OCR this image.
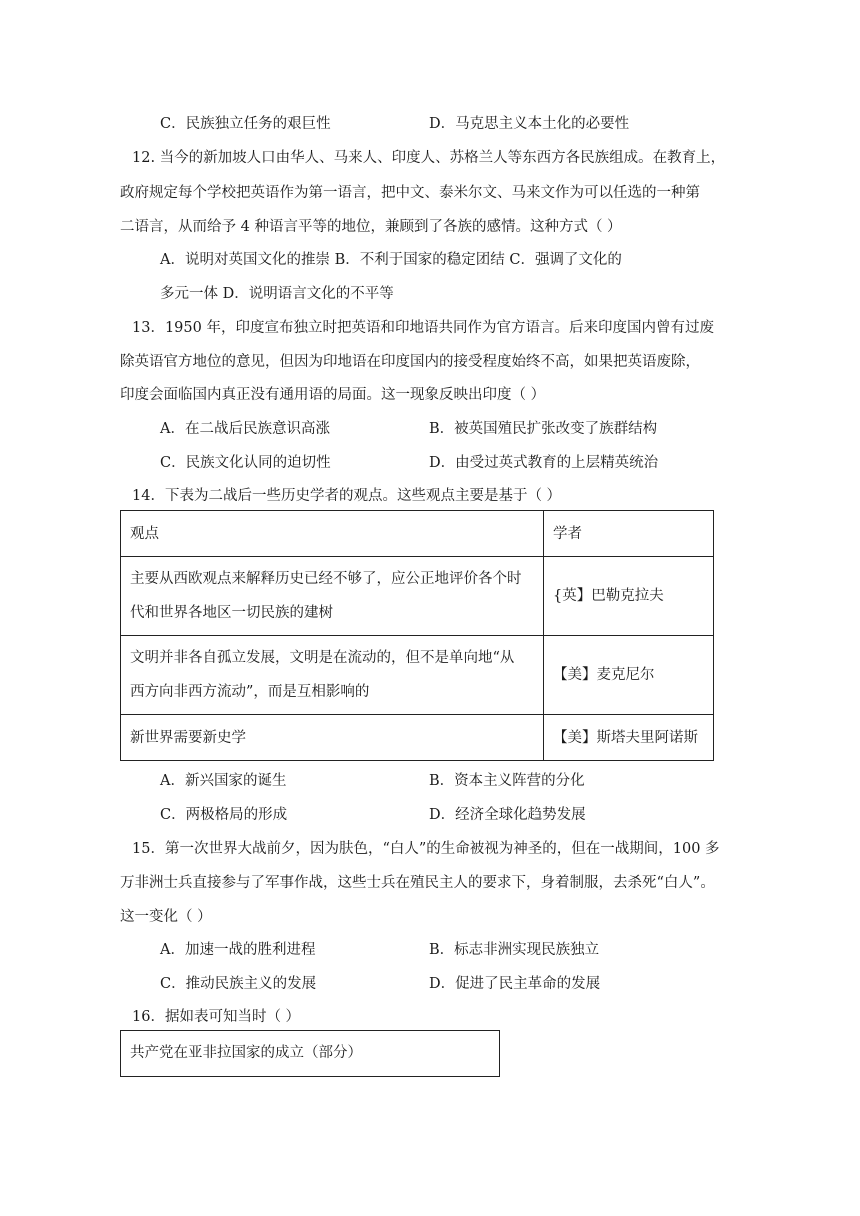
C．民族独立任务的艰巨性	D．马克思主义本土化的必要性
12. 当今的新加坡人口由华人、马来人、印度人、苏格兰人等东西方各民族组成。在教育上，
政府规定每个学校把英语作为第一语言，把中文、泰米尔文、马来文作为可以任选的一种第
二语言，从而给予 4 种语言平等的地位，兼顾到了各族的感情。这种方式（ ）
A．说明对英国文化的推崇 B．不利于国家的稳定团结 C．强调了文化的
多元一体 D．说明语言文化的不平等
13．1950 年，印度宣布独立时把英语和印地语共同作为官方语言。后来印度国内曾有过废
除英语官方地位的意见，但因为印地语在印度国内的接受程度始终不高，如果把英语废除，
印度会面临国内真正没有通用语的局面。这一现象反映出印度（ ）
A．在二战后民族意识高涨	B．被英国殖民扩张改变了族群结构
C．民族文化认同的迫切性	D．由受过英式教育的上层精英统治
14．下表为二战后一些历史学者的观点。这些观点主要是基于（ ）
观点	学者

主要从西欧观点来解释历史已经不够了，应公正地评价各个时
代和世界各地区一切民族的建树	{英】巴勒克拉夫

文明并非各自孤立发展，文明是在流动的，但不是单向地“从
西方向非西方流动”，而是互相影响的	【美】麦克尼尔
新世界需要新史学	【美】斯塔夫里阿诺斯
A．新兴国家的诞生	B．资本主义阵营的分化
C．两极格局的形成	D．经济全球化趋势发展
15．第一次世界大战前夕，因为肤色，“白人”的生命被视为神圣的，但在一战期间，100 多
万非洲士兵直接参与了军事作战，这些士兵在殖民主人的要求下，身着制服，去杀死“白人”。
这一变化（ ）
A．加速一战的胜利进程	B．标志非洲实现民族独立
C．推动民族主义的发展	D．促进了民主革命的发展
16．据如表可知当时（ ）
共产党在亚非拉国家的成立（部分）
